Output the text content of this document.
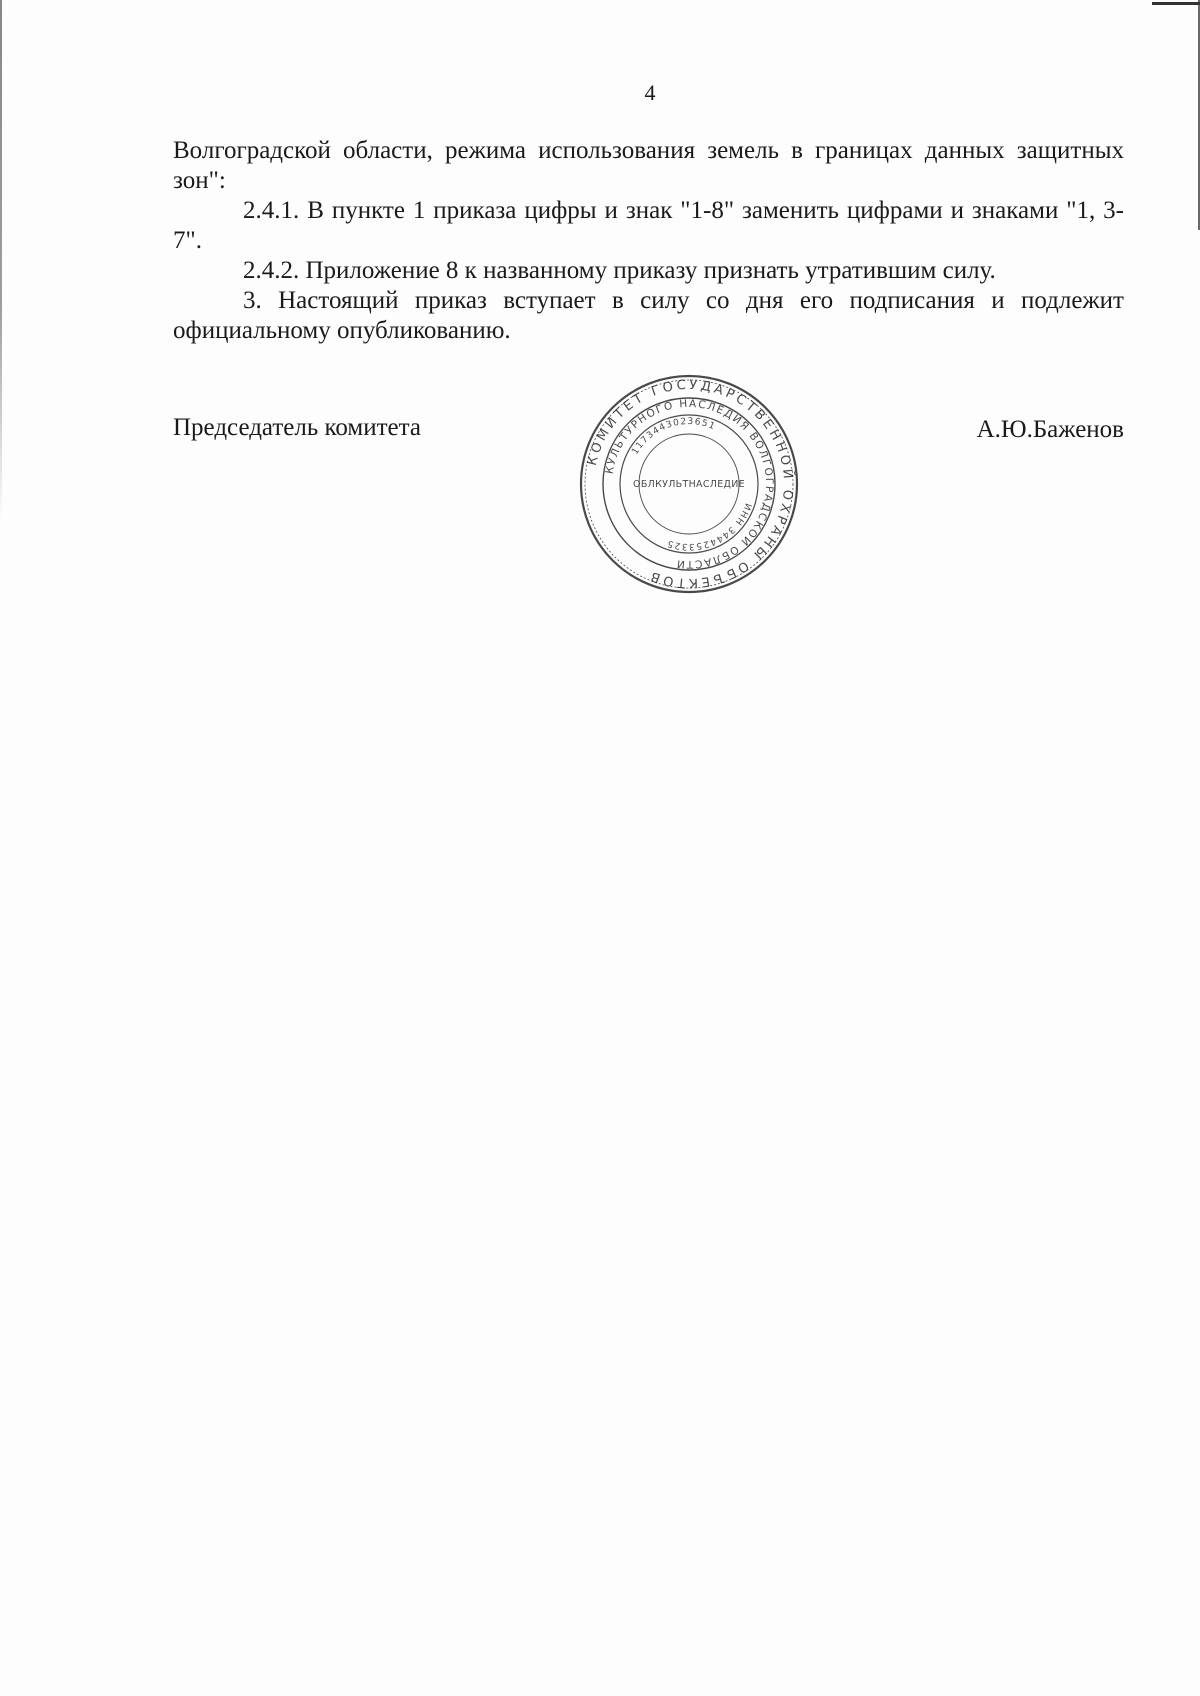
4

Волгоградской области, режима использования земель в границах данных защитных зон":

2.4.1. В пункте 1 приказа цифры и знак "1-8" заменить цифрами и знаками "1, 3-7".

2.4.2. Приложение 8 к названному приказу признать утратившим силу.

3. Настоящий приказ вступает в силу со дня его подписания и подлежит официальному опубликованию.

Председатель комитета	А.Ю.Баженов
КОМИТЕТ ГОСУДАРСТВЕННОЙ ОХРАНЫ ОБЪЕКТОВ
КУЛЬТУРНОГО НАСЛЕДИЯ ВОЛГОГРАДСКОЙ ОБЛАСТИ
ИНН 3444253325
1173443023651
ОБЛКУЛЬТНАСЛЕДИЕ
